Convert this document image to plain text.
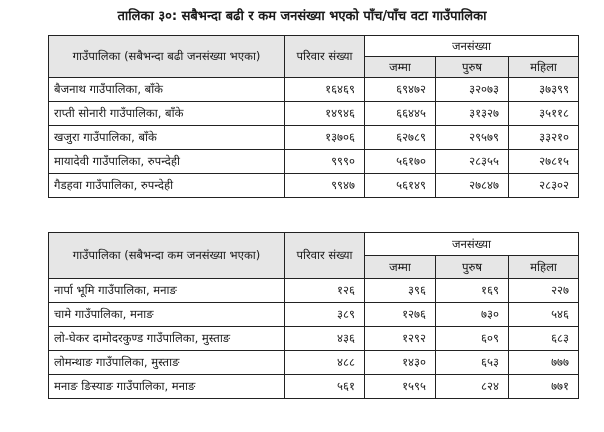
तालिका ३०: सबैभन्दा बढी र कम जनसंख्या भएको पाँच/पाँच वटा गाउँपालिका
गाउँपालिका (सबैभन्दा बढी जनसंख्या भएका)	परिवार संख्या	जनसंख्या		
		जम्मा	पुरुष	महिला
बैजनाथ गाउँपालिका, बाँके	१६४६९	६९४७२	३२०७३	३७३९९
राप्ती सोनारी गाउँपालिका, बाँके	१४९४६	६६४४५	३१३२७	३५११८
खजुरा गाउँपालिका, बाँके	१३७०६	६२७८९	२९५७९	३३२१०
मायादेवी गाउँपालिका, रुपन्देही	९९९०	५६१७०	२८३५५	२७८१५
गैडहवा गाउँपालिका, रुपन्देही	९९४७	५६१४९	२७८४७	२८३०२
गाउँपालिका (सबैभन्दा कम जनसंख्या भएका)	परिवार संख्या	जनसंख्या		
		जम्मा	पुरुष	महिला
नार्पा भूमि गाउँपालिका, मनाङ	१२६	३९६	१६९	२२७
चामे गाउँपालिका, मनाङ	३८९	१२७६	७३०	५४६
लो-घेकर दामोदरकुण्ड गाउँपालिका, मुस्ताङ	४३६	१२९२	६०९	६८३
लोमन्थाङ गाउँपालिका, मुस्ताङ	४८८	१४३०	६५३	७७७
मनाङ ङिस्याङ गाउँपालिका, मनाङ	५६१	१५९५	८२४	७७१
